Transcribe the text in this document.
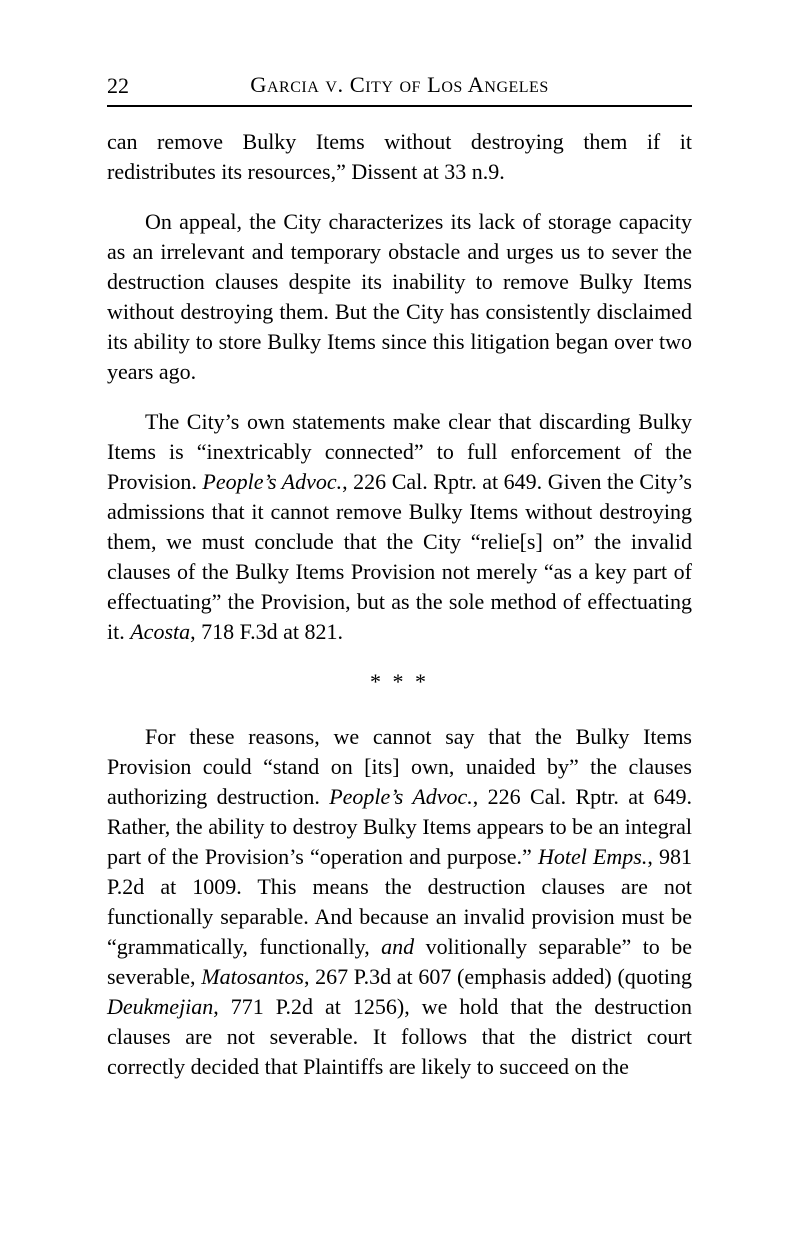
22	Garcia v. City of Los Angeles

can remove Bulky Items without destroying them if it redistributes its resources,” Dissent at 33 n.9.

On appeal, the City characterizes its lack of storage capacity as an irrelevant and temporary obstacle and urges us to sever the destruction clauses despite its inability to remove Bulky Items without destroying them. But the City has consistently disclaimed its ability to store Bulky Items since this litigation began over two years ago.

The City’s own statements make clear that discarding Bulky Items is “inextricably connected” to full enforcement of the Provision. People’s Advoc., 226 Cal. Rptr. at 649. Given the City’s admissions that it cannot remove Bulky Items without destroying them, we must conclude that the City “relie[s] on” the invalid clauses of the Bulky Items Provision not merely “as a key part of effectuating” the Provision, but as the sole method of effectuating it. Acosta, 718 F.3d at 821.

* * *

For these reasons, we cannot say that the Bulky Items Provision could “stand on [its] own, unaided by” the clauses authorizing destruction. People’s Advoc., 226 Cal. Rptr. at 649. Rather, the ability to destroy Bulky Items appears to be an integral part of the Provision’s “operation and purpose.” Hotel Emps., 981 P.2d at 1009. This means the destruction clauses are not functionally separable. And because an invalid provision must be “grammatically, functionally, and volitionally separable” to be severable, Matosantos, 267 P.3d at 607 (emphasis added) (quoting Deukmejian, 771 P.2d at 1256), we hold that the destruction clauses are not severable. It follows that the district court correctly decided that Plaintiffs are likely to succeed on the
